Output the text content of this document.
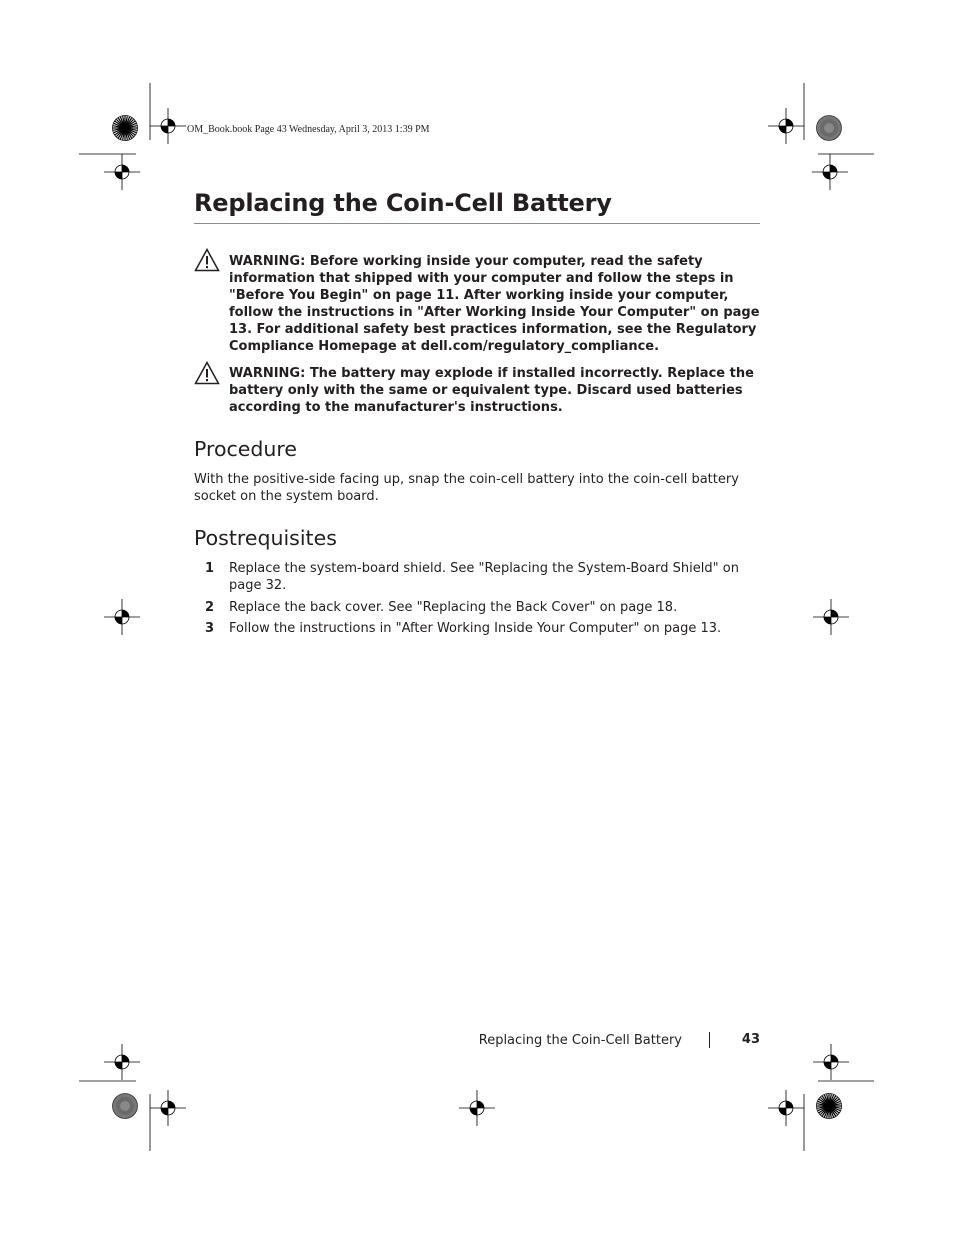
OM_Book.book Page 43 Wednesday, April 3, 2013 1:39 PM
Replacing the Coin-Cell Battery
WARNING: Before working inside your computer, read the safety information that shipped with your computer and follow the steps in "Before You Begin" on page 11. After working inside your computer, follow the instructions in "After Working Inside Your Computer" on page 13. For additional safety best practices information, see the Regulatory Compliance Homepage at dell.com/regulatory_compliance.
WARNING: The battery may explode if installed incorrectly. Replace the battery only with the same or equivalent type. Discard used batteries according to the manufacturer's instructions.
Procedure
With the positive-side facing up, snap the coin-cell battery into the coin-cell battery socket on the system board.
Postrequisites
1 Replace the system-board shield. See "Replacing the System-Board Shield" on page 32.
2 Replace the back cover. See "Replacing the Back Cover" on page 18.
3 Follow the instructions in "After Working Inside Your Computer" on page 13.
Replacing the Coin-Cell Battery	43
